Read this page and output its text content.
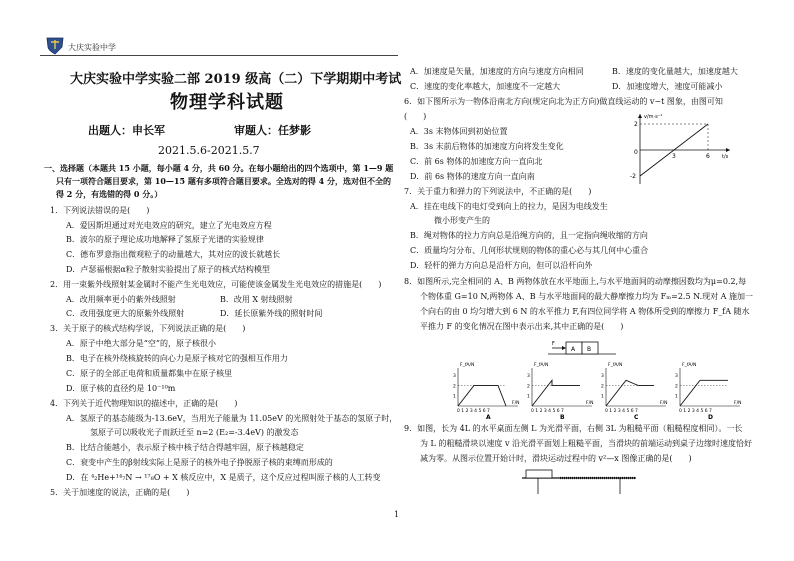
大庆实验中学
大庆实验中学实验二部 2019 级高（二）下学期期中考试
物理学科试题
出题人：申长军	审题人：任梦影
2021.5.6-2021.5.7
一、选择题（本题共 15 小题，每小题 4 分，共 60 分。在每小题给出的四个选项中，第 1—9 题
只有一项符合题目要求，第 10—15 题有多项符合题目要求。全选对的得 4 分，选对但不全的
得 2 分，有选错的得 0 分。）
1．下列说法错误的是(　　)
A．爱因斯坦通过对光电效应的研究，建立了光电效应方程
B．波尔的原子理论成功地解释了氢原子光谱的实验规律
C．德布罗意指出微观粒子的动量越大，其对应的波长就越长
D．卢瑟福根据α粒子散射实验提出了原子的核式结构模型
2．用一束紫外线照射某金属时不能产生光电效应，可能使该金属发生光电效应的措施是(　　)
A．改用频率更小的紫外线照射	B．改用 X 射线照射
C．改用强度更大的原紫外线照射	D．延长原紫外线的照射时间
3．关于原子的核式结构学说，下列说法正确的是(　　)
A．原子中绝大部分是“空”的，原子核很小
B．电子在核外绕核旋转的向心力是原子核对它的强相互作用力
C．原子的全部正电荷和质量都集中在原子核里
D．原子核的直径约是 10⁻¹⁰m
4．下列关于近代物理知识的描述中，正确的是(　　)
A．氢原子的基态能级为-13.6eV，当用光子能量为 11.05eV 的光照射处于基态的氢原子时，
氢原子可以吸收光子而跃迁至 n=2 (E₂=-3.4eV) 的激发态
B．比结合能越小，表示原子核中核子结合得越牢固，原子核越稳定
C．衰变中产生的β射线实际上是原子的核外电子挣脱原子核的束缚而形成的
D．在 ⁴₂He+¹⁴₇N → ¹⁷₈O + X 核反应中，X 是质子，这个反应过程叫原子核的人工转变
5．关于加速度的说法，正确的是(　　)
A．加速度是矢量，加速度的方向与速度方向相同	B．速度的变化量越大，加速度越大
C．速度的变化率越大，加速度不一定越大	D．加速度增大，速度可能减小
6．如下图所示为一物体沿南北方向(规定向北为正方向)做直线运动的 v−t 图象，由图可知
(　　)
A．3s 末物体回到初始位置
B．3s 末前后物体的加速度方向将发生变化
C．前 6s 物体的加速度方向一直向北
D．前 6s 物体的速度方向一直向南
v/m·s⁻¹
t/s
2
0
-2
3	6
7．关于重力和弹力的下列说法中，不正确的是(　　)
A．挂在电线下的电灯受到向上的拉力，是因为电线发生
微小形变产生的
B．绳对物体的拉力方向总是沿绳方向的，且一定指向绳收缩的方向
C．质量均匀分布、几何形状规则的物体的重心必与其几何中心重合
D．轻杆的弹力方向总是沿杆方向，但可以沿杆向外
8．如图所示,完全相同的 A、B 两物体放在水平地面上,与水平地面间的动摩擦因数均为μ=0.2,每
个物体重 G=10 N,两物体 A、B 与水平地面间的最大静摩擦力均为 Fₘ=2.5 N.现对 A 施加一
个向右的由 0 均匀增大到 6 N 的水平推力 F,有四位同学将 A 物体所受到的摩擦力 F_fA 随水
平推力 F 的变化情况在图中表示出来,其中正确的是(　　)
A B
F
F_fA/N
F/N
3
2
1
0 1 2 3 4 5 6 7
A
F_fA/N
F/N
3
2
1
0 1 2 3 4 5 6 7
B
F_fA/N
F/N
3
2
1
0 1 2 3 4 5 6 7
C
F_fA/N
F/N
3
2
1
0 1 2 3 4 5 6 7
D
9．如图，长为 4L 的水平桌面左侧 L 为光滑平面，右侧 3L 为粗糙平面（粗糙程度相同）。一长
为 L 的粗糙滑块以速度 v 沿光滑平面划上粗糙平面，当滑块的前端运动到桌子边缘时速度恰好
减为零。从图示位置开始计时，滑块运动过程中的 v²—x 图像正确的是(　　)
1
